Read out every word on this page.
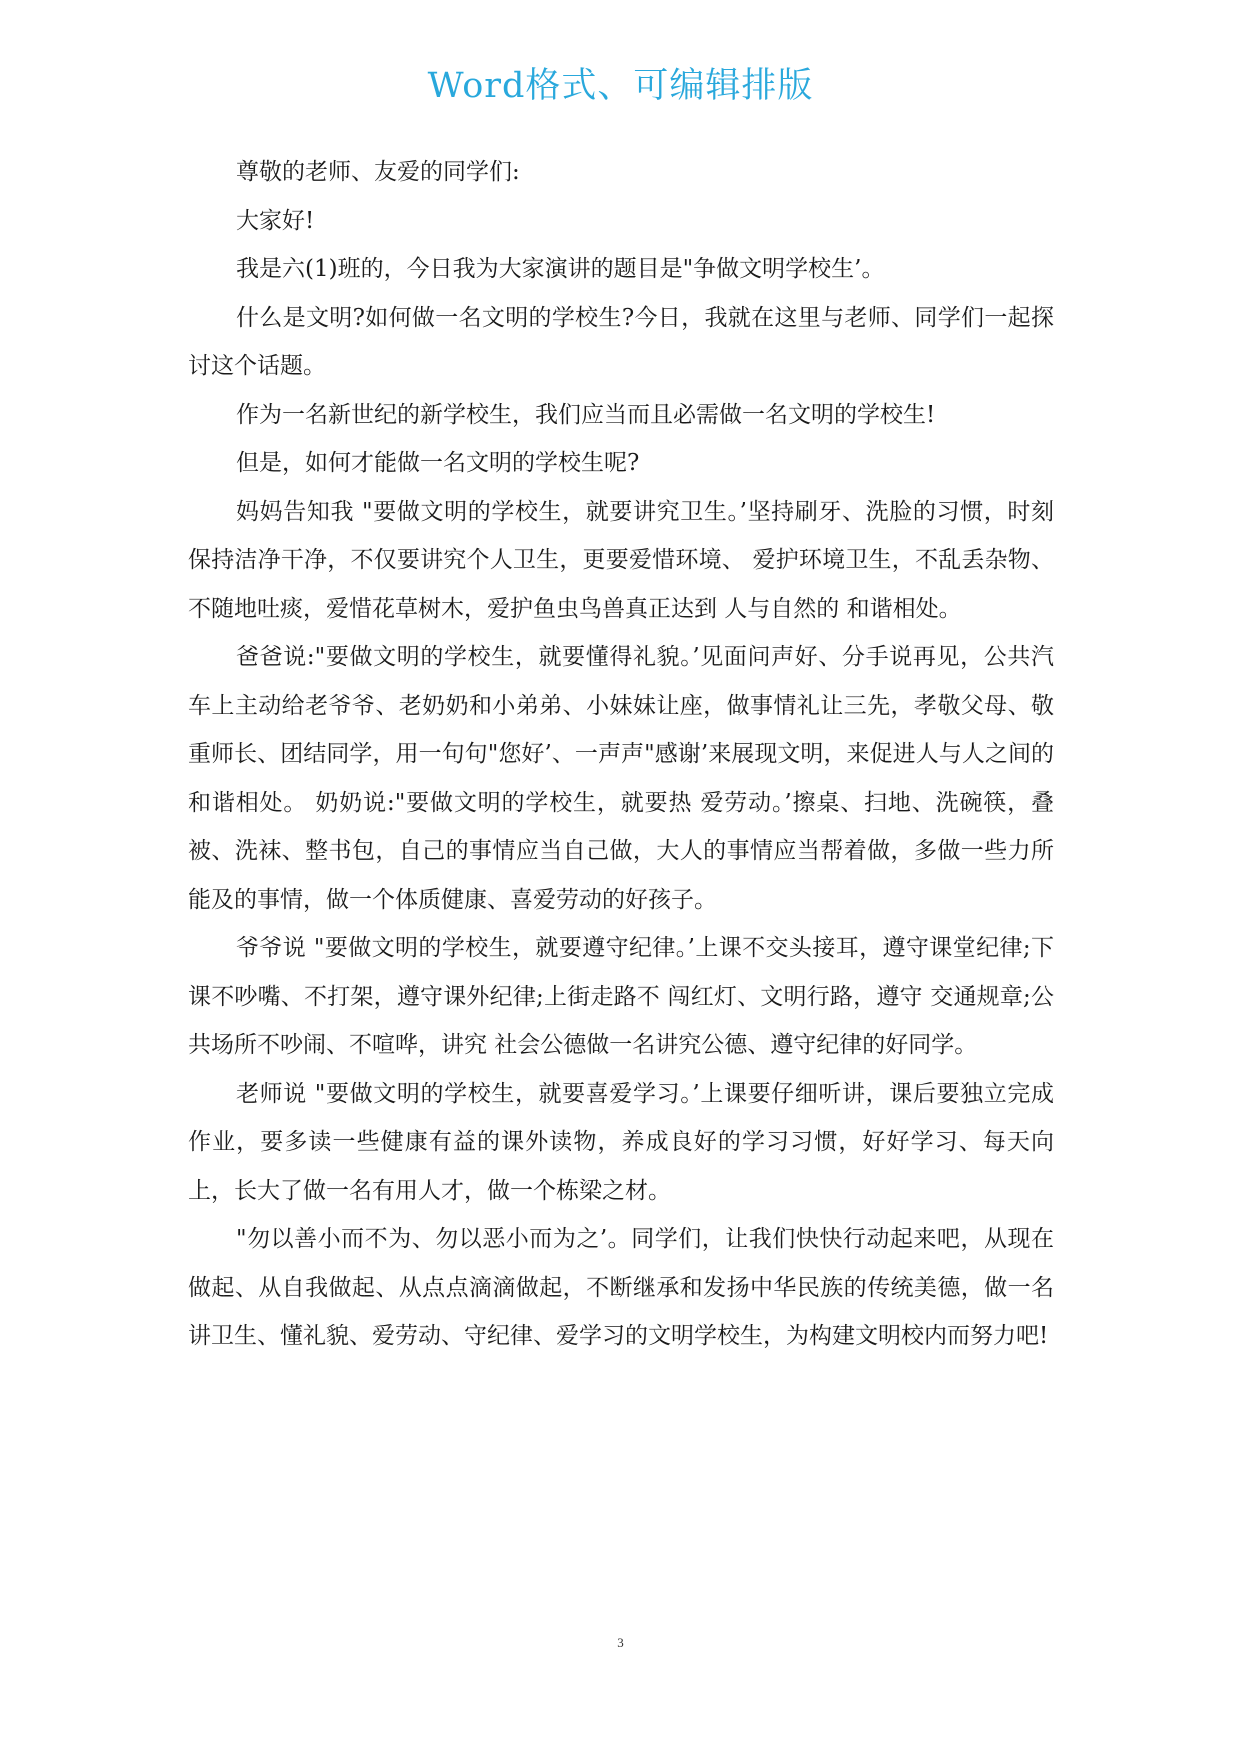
Word格式、可编辑排版

尊敬的老师、友爱的同学们:

大家好!

我是六(1)班的，今日我为大家演讲的题目是"争做文明学校生’。

什么是文明?如何做一名文明的学校生?今日，我就在这里与老师、同学们一起探讨这个话题。

作为一名新世纪的新学校生，我们应当而且必需做一名文明的学校生!

但是，如何才能做一名文明的学校生呢?

妈妈告知我 "要做文明的学校生，就要讲究卫生。’坚持刷牙、洗脸的习惯，时刻保持洁净干净，不仅要讲究个人卫生，更要爱惜环境、 爱护环境卫生，不乱丢杂物、不随地吐痰，爱惜花草树木，爱护鱼虫鸟兽真正达到 人与自然的 和谐相处。

爸爸说:"要做文明的学校生，就要懂得礼貌。’见面问声好、分手说再见，公共汽车上主动给老爷爷、老奶奶和小弟弟、小妹妹让座，做事情礼让三先，孝敬父母、敬重师长、团结同学，用一句句"您好’、一声声"感谢’来展现文明，来促进人与人之间的和谐相处。 奶奶说:"要做文明的学校生，就要热 爱劳动。’擦桌、扫地、洗碗筷，叠被、洗袜、整书包，自己的事情应当自己做，大人的事情应当帮着做，多做一些力所能及的事情，做一个体质健康、喜爱劳动的好孩子。

爷爷说 "要做文明的学校生，就要遵守纪律。’上课不交头接耳，遵守课堂纪律;下课不吵嘴、不打架，遵守课外纪律;上街走路不 闯红灯、文明行路，遵守 交通规章;公共场所不吵闹、不喧哗，讲究 社会公德做一名讲究公德、遵守纪律的好同学。

老师说 "要做文明的学校生，就要喜爱学习。’上课要仔细听讲，课后要独立完成作业，要多读一些健康有益的课外读物，养成良好的学习习惯，好好学习、每天向上，长大了做一名有用人才，做一个栋梁之材。

"勿以善小而不为、勿以恶小而为之’。同学们，让我们快快行动起来吧，从现在做起、从自我做起、从点点滴滴做起，不断继承和发扬中华民族的传统美德，做一名讲卫生、懂礼貌、爱劳动、守纪律、爱学习的文明学校生，为构建文明校内而努力吧!

3
